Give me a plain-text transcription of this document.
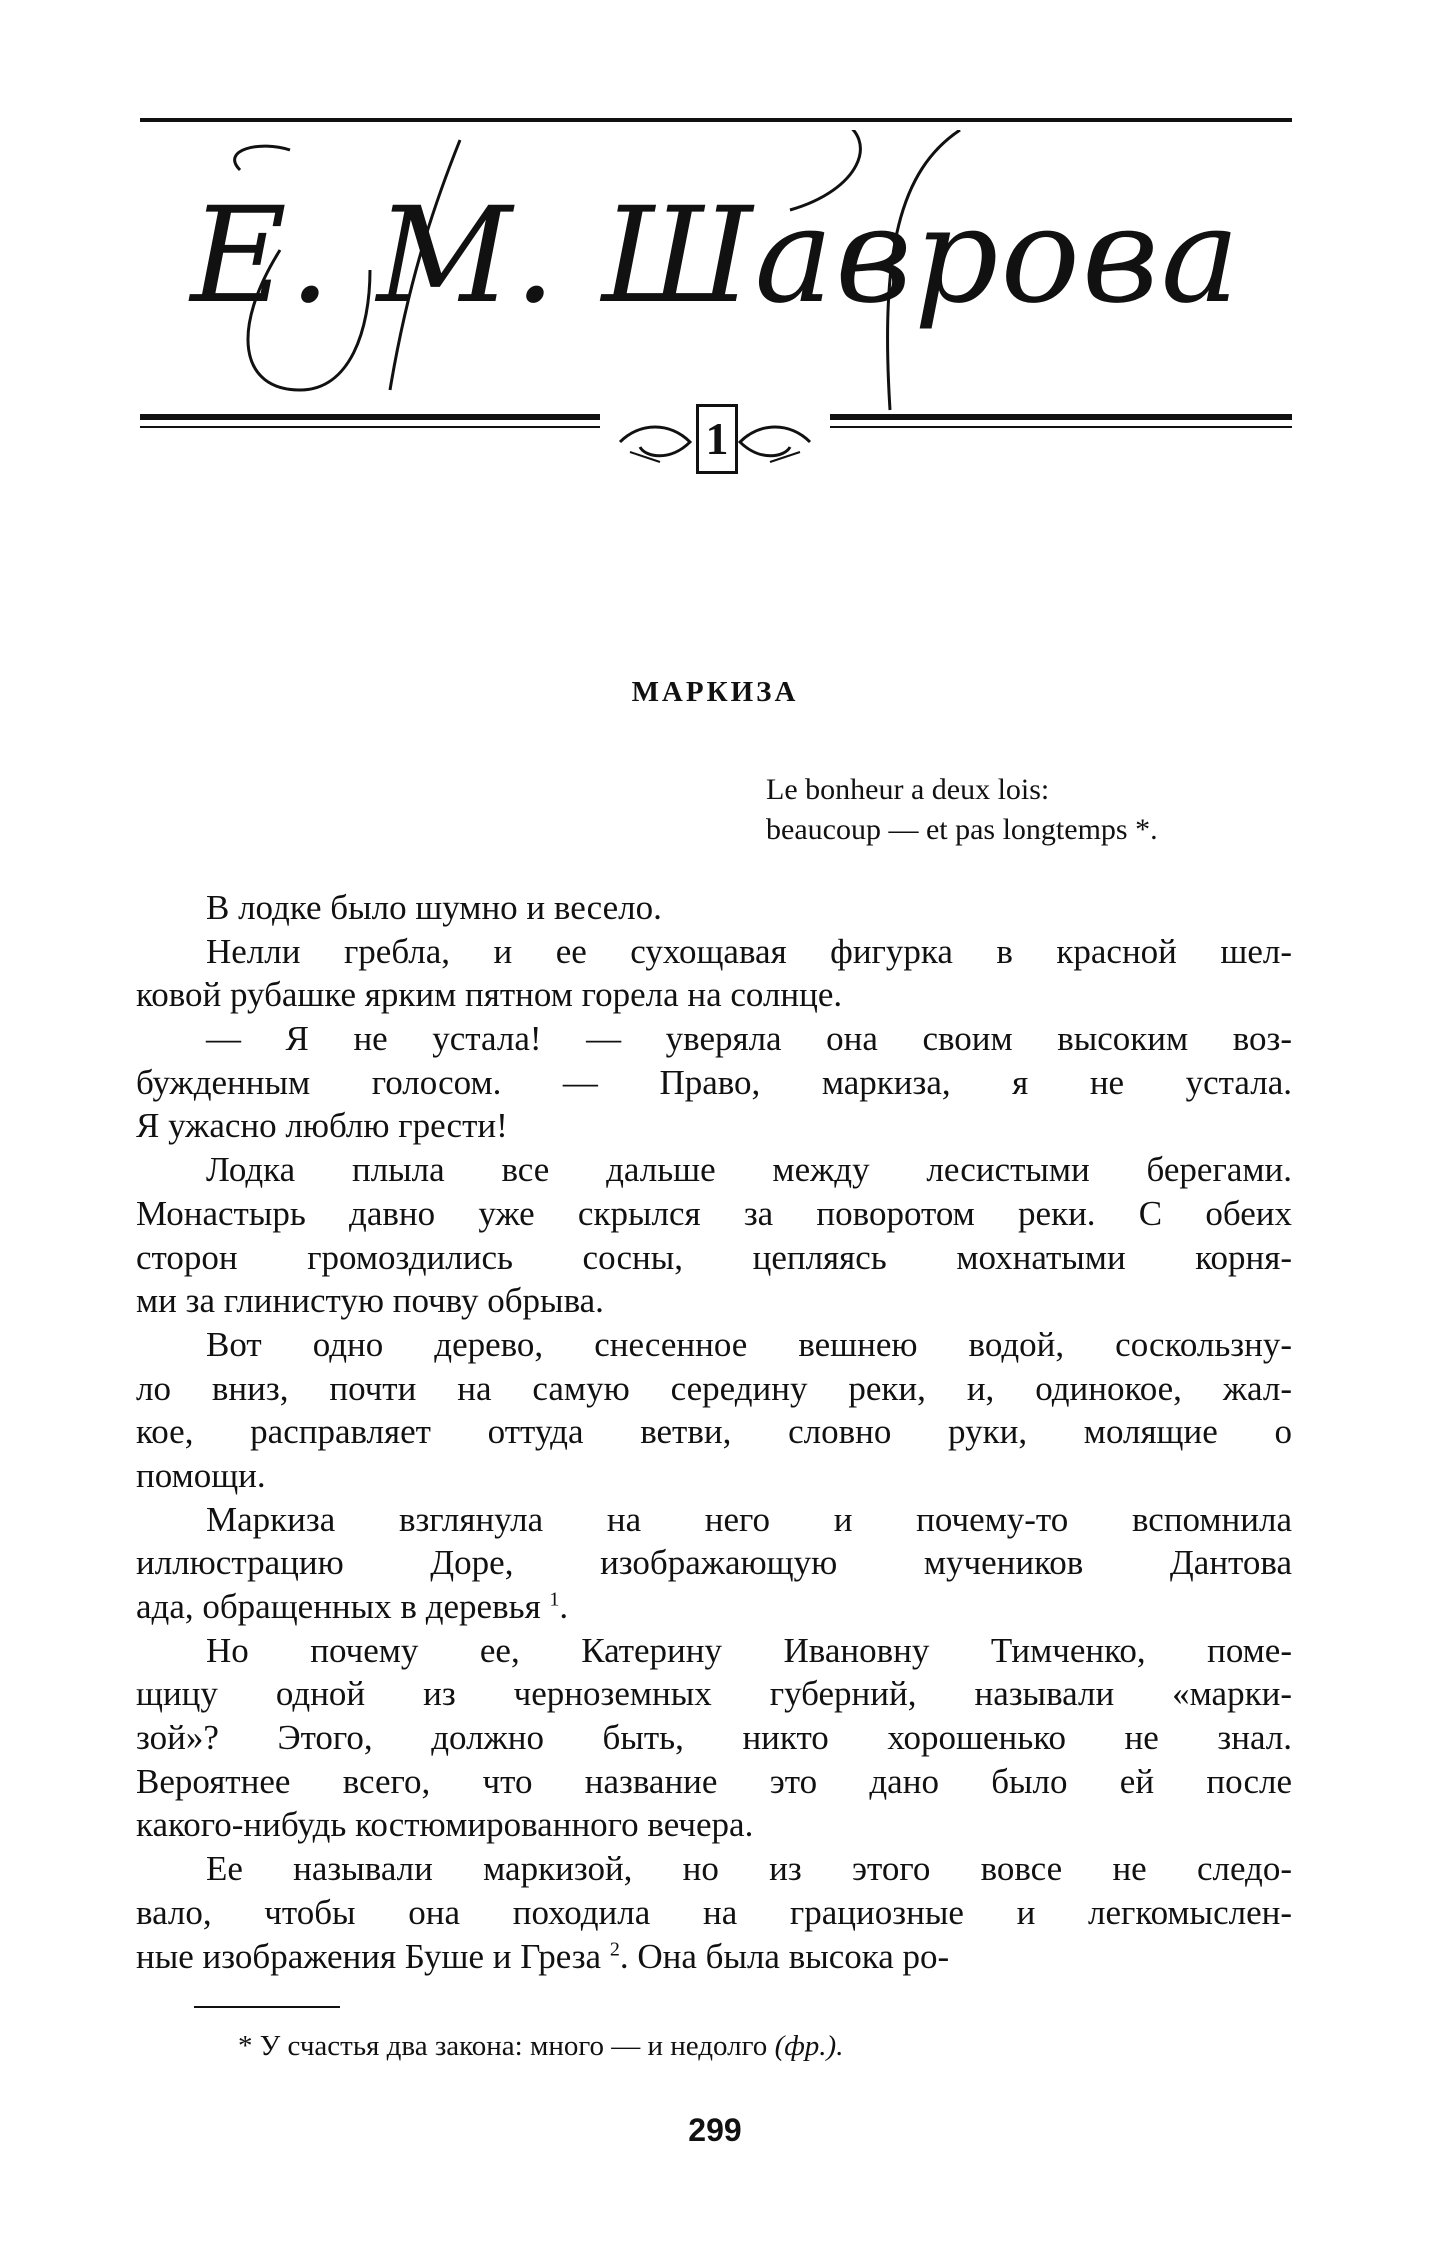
Е. М. Шаврова
1
МАРКИЗА
Le bonheur a deux lois:
beaucoup — et pas longtemps *.
В лодке было шумно и весело.
Нелли гребла, и ее сухощавая фигурка в красной шел-
ковой рубашке ярким пятном горела на солнце.
— Я не устала! — уверяла она своим высоким воз-
бужденным голосом. — Право, маркиза, я не устала.
Я ужасно люблю грести!
Лодка плыла все дальше между лесистыми берегами.
Монастырь давно уже скрылся за поворотом реки. С обеих
сторон громоздились сосны, цепляясь мохнатыми корня-
ми за глинистую почву обрыва.
Вот одно дерево, снесенное вешнею водой, соскользну-
ло вниз, почти на самую середину реки, и, одинокое, жал-
кое, расправляет оттуда ветви, словно руки, молящие о
помощи.
Маркиза взглянула на него и почему-то вспомнила
иллюстрацию Доре, изображающую мучеников Дантова
ада, обращенных в деревья $^1$.
Но почему ее, Катерину Ивановну Тимченко, поме-
щицу одной из черноземных губерний, называли «марки-
зой»? Этого, должно быть, никто хорошенько не знал.
Вероятнее всего, что название это дано было ей после
какого-нибудь костюмированного вечера.
Ее называли маркизой, но из этого вовсе не следо-
вало, чтобы она походила на грациозные и легкомыслен-
ные изображения Буше и Греза $^2$. Она была высока ро-
* У счастья два закона: много — и недолго (фр.).
299
